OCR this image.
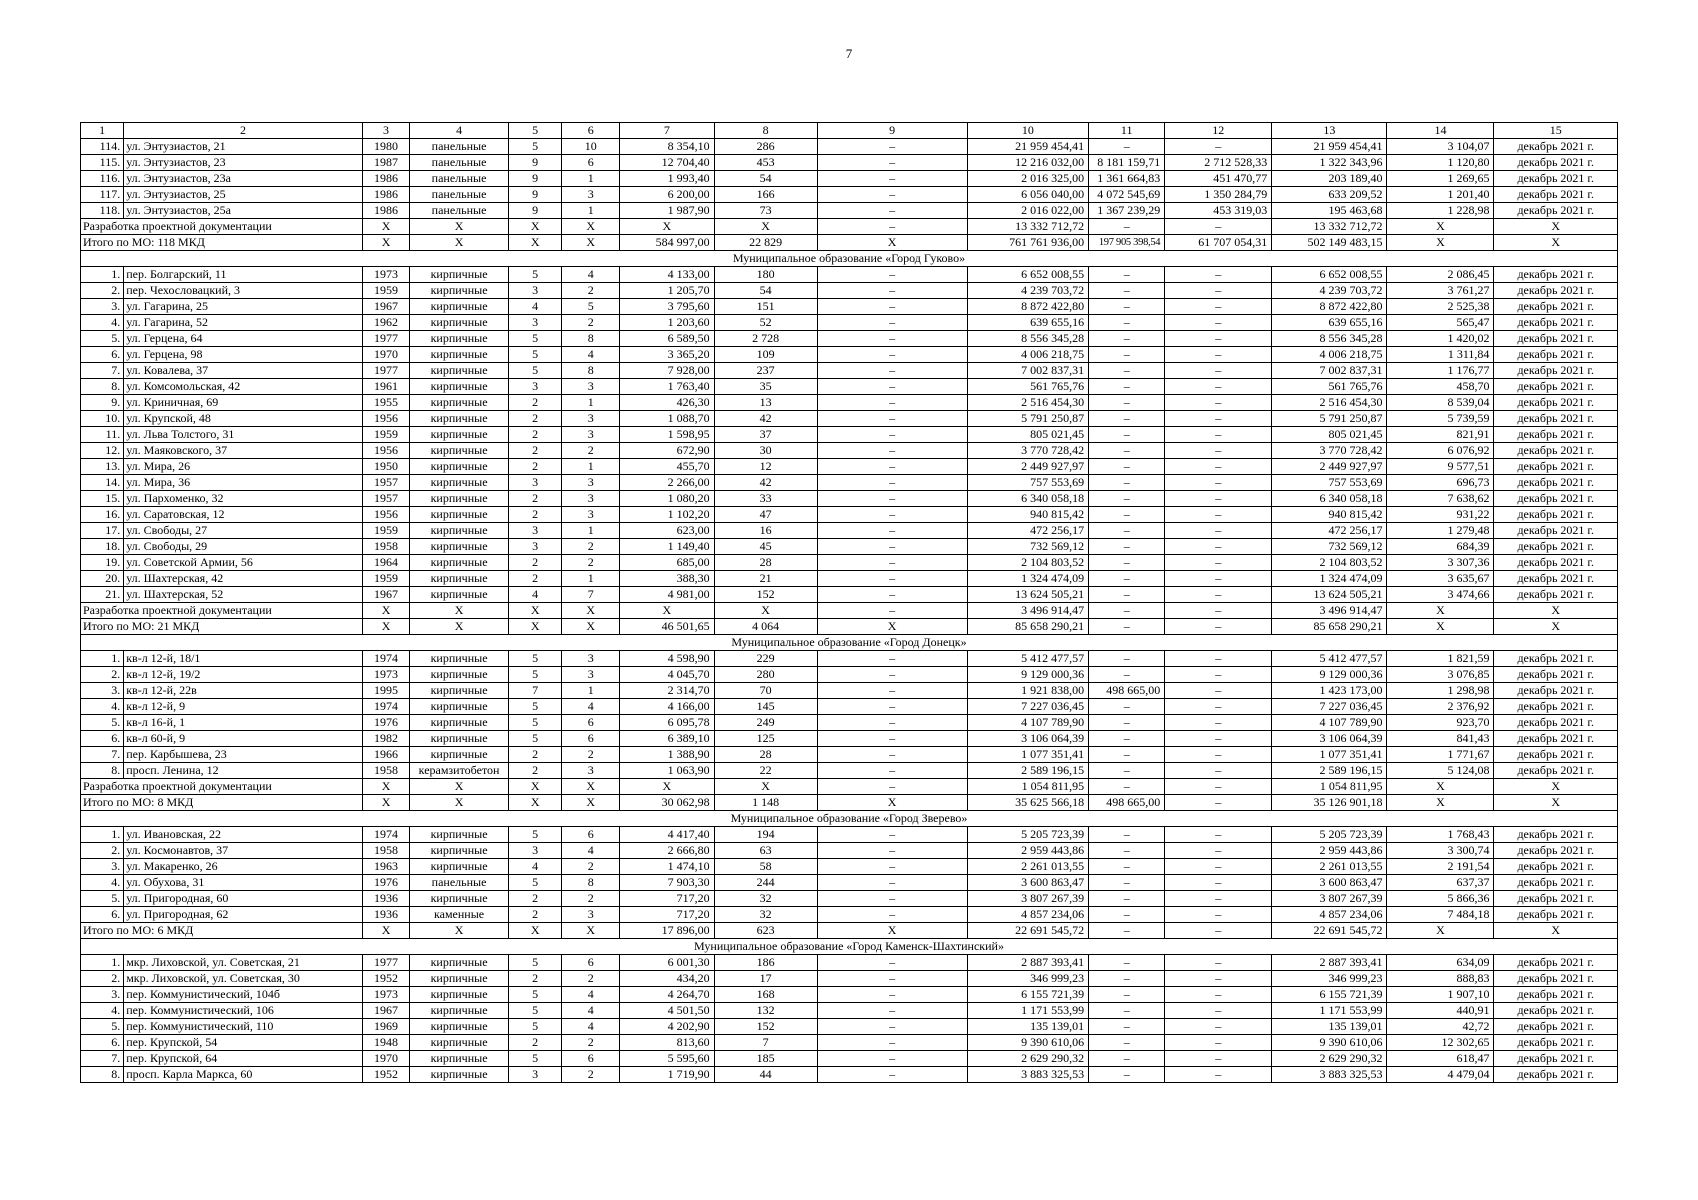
7
1	2	3	4	5	6	7	8	9	10	11	12	13	14	15
114.	ул. Энтузиастов, 21	1980	панельные	5	10	8 354,10	286	–	21 959 454,41	–	–	21 959 454,41	3 104,07	декабрь 2021 г.
115.	ул. Энтузиастов, 23	1987	панельные	9	6	12 704,40	453	–	12 216 032,00	8 181 159,71	2 712 528,33	1 322 343,96	1 120,80	декабрь 2021 г.
116.	ул. Энтузиастов, 23а	1986	панельные	9	1	1 993,40	54	–	2 016 325,00	1 361 664,83	451 470,77	203 189,40	1 269,65	декабрь 2021 г.
117.	ул. Энтузиастов, 25	1986	панельные	9	3	6 200,00	166	–	6 056 040,00	4 072 545,69	1 350 284,79	633 209,52	1 201,40	декабрь 2021 г.
118.	ул. Энтузиастов, 25а	1986	панельные	9	1	1 987,90	73	–	2 016 022,00	1 367 239,29	453 319,03	195 463,68	1 228,98	декабрь 2021 г.
Разработка проектной документации		X	X	X	X	X	X	–	13 332 712,72	–	–	13 332 712,72	X	X
Итого по МО: 118 МКД		X	X	X	X	584 997,00	22 829	X	761 761 936,00	197 905 398,54	61 707 054,31	502 149 483,15	X	X
Муниципальное образование «Город Гуково»														
1.	пер. Болгарский, 11	1973	кирпичные	5	4	4 133,00	180	–	6 652 008,55	–	–	6 652 008,55	2 086,45	декабрь 2021 г.
2.	пер. Чехословацкий, 3	1959	кирпичные	3	2	1 205,70	54	–	4 239 703,72	–	–	4 239 703,72	3 761,27	декабрь 2021 г.
3.	ул. Гагарина, 25	1967	кирпичные	4	5	3 795,60	151	–	8 872 422,80	–	–	8 872 422,80	2 525,38	декабрь 2021 г.
4.	ул. Гагарина, 52	1962	кирпичные	3	2	1 203,60	52	–	639 655,16	–	–	639 655,16	565,47	декабрь 2021 г.
5.	ул. Герцена, 64	1977	кирпичные	5	8	6 589,50	2 728	–	8 556 345,28	–	–	8 556 345,28	1 420,02	декабрь 2021 г.
6.	ул. Герцена, 98	1970	кирпичные	5	4	3 365,20	109	–	4 006 218,75	–	–	4 006 218,75	1 311,84	декабрь 2021 г.
7.	ул. Ковалева, 37	1977	кирпичные	5	8	7 928,00	237	–	7 002 837,31	–	–	7 002 837,31	1 176,77	декабрь 2021 г.
8.	ул. Комсомольская, 42	1961	кирпичные	3	3	1 763,40	35	–	561 765,76	–	–	561 765,76	458,70	декабрь 2021 г.
9.	ул. Криничная, 69	1955	кирпичные	2	1	426,30	13	–	2 516 454,30	–	–	2 516 454,30	8 539,04	декабрь 2021 г.
10.	ул. Крупской, 48	1956	кирпичные	2	3	1 088,70	42	–	5 791 250,87	–	–	5 791 250,87	5 739,59	декабрь 2021 г.
11.	ул. Льва Толстого, 31	1959	кирпичные	2	3	1 598,95	37	–	805 021,45	–	–	805 021,45	821,91	декабрь 2021 г.
12.	ул. Маяковского, 37	1956	кирпичные	2	2	672,90	30	–	3 770 728,42	–	–	3 770 728,42	6 076,92	декабрь 2021 г.
13.	ул. Мира, 26	1950	кирпичные	2	1	455,70	12	–	2 449 927,97	–	–	2 449 927,97	9 577,51	декабрь 2021 г.
14.	ул. Мира, 36	1957	кирпичные	3	3	2 266,00	42	–	757 553,69	–	–	757 553,69	696,73	декабрь 2021 г.
15.	ул. Пархоменко, 32	1957	кирпичные	2	3	1 080,20	33	–	6 340 058,18	–	–	6 340 058,18	7 638,62	декабрь 2021 г.
16.	ул. Саратовская, 12	1956	кирпичные	2	3	1 102,20	47	–	940 815,42	–	–	940 815,42	931,22	декабрь 2021 г.
17.	ул. Свободы, 27	1959	кирпичные	3	1	623,00	16	–	472 256,17	–	–	472 256,17	1 279,48	декабрь 2021 г.
18.	ул. Свободы, 29	1958	кирпичные	3	2	1 149,40	45	–	732 569,12	–	–	732 569,12	684,39	декабрь 2021 г.
19.	ул. Советской Армии, 56	1964	кирпичные	2	2	685,00	28	–	2 104 803,52	–	–	2 104 803,52	3 307,36	декабрь 2021 г.
20.	ул. Шахтерская, 42	1959	кирпичные	2	1	388,30	21	–	1 324 474,09	–	–	1 324 474,09	3 635,67	декабрь 2021 г.
21.	ул. Шахтерская, 52	1967	кирпичные	4	7	4 981,00	152	–	13 624 505,21	–	–	13 624 505,21	3 474,66	декабрь 2021 г.
Разработка проектной документации		X	X	X	X	X	X	–	3 496 914,47	–	–	3 496 914,47	X	X
Итого по МО: 21 МКД		X	X	X	X	46 501,65	4 064	X	85 658 290,21	–	–	85 658 290,21	X	X
Муниципальное образование «Город Донецк»														
1.	кв-л 12-й, 18/1	1974	кирпичные	5	3	4 598,90	229	–	5 412 477,57	–	–	5 412 477,57	1 821,59	декабрь 2021 г.
2.	кв-л 12-й, 19/2	1973	кирпичные	5	3	4 045,70	280	–	9 129 000,36	–	–	9 129 000,36	3 076,85	декабрь 2021 г.
3.	кв-л 12-й, 22в	1995	кирпичные	7	1	2 314,70	70	–	1 921 838,00	498 665,00	–	1 423 173,00	1 298,98	декабрь 2021 г.
4.	кв-л 12-й, 9	1974	кирпичные	5	4	4 166,00	145	–	7 227 036,45	–	–	7 227 036,45	2 376,92	декабрь 2021 г.
5.	кв-л 16-й, 1	1976	кирпичные	5	6	6 095,78	249	–	4 107 789,90	–	–	4 107 789,90	923,70	декабрь 2021 г.
6.	кв-л 60-й, 9	1982	кирпичные	5	6	6 389,10	125	–	3 106 064,39	–	–	3 106 064,39	841,43	декабрь 2021 г.
7.	пер. Карбышева, 23	1966	кирпичные	2	2	1 388,90	28	–	1 077 351,41	–	–	1 077 351,41	1 771,67	декабрь 2021 г.
8.	просп. Ленина, 12	1958	керамзитобетон	2	3	1 063,90	22	–	2 589 196,15	–	–	2 589 196,15	5 124,08	декабрь 2021 г.
Разработка проектной документации		X	X	X	X	X	X	–	1 054 811,95	–	–	1 054 811,95	X	X
Итого по МО: 8 МКД		X	X	X	X	30 062,98	1 148	X	35 625 566,18	498 665,00	–	35 126 901,18	X	X
Муниципальное образование «Город Зверево»														
1.	ул. Ивановская, 22	1974	кирпичные	5	6	4 417,40	194	–	5 205 723,39	–	–	5 205 723,39	1 768,43	декабрь 2021 г.
2.	ул. Космонавтов, 37	1958	кирпичные	3	4	2 666,80	63	–	2 959 443,86	–	–	2 959 443,86	3 300,74	декабрь 2021 г.
3.	ул. Макаренко, 26	1963	кирпичные	4	2	1 474,10	58	–	2 261 013,55	–	–	2 261 013,55	2 191,54	декабрь 2021 г.
4.	ул. Обухова, 31	1976	панельные	5	8	7 903,30	244	–	3 600 863,47	–	–	3 600 863,47	637,37	декабрь 2021 г.
5.	ул. Пригородная, 60	1936	кирпичные	2	2	717,20	32	–	3 807 267,39	–	–	3 807 267,39	5 866,36	декабрь 2021 г.
6.	ул. Пригородная, 62	1936	каменные	2	3	717,20	32	–	4 857 234,06	–	–	4 857 234,06	7 484,18	декабрь 2021 г.
Итого по МО: 6 МКД		X	X	X	X	17 896,00	623	X	22 691 545,72	–	–	22 691 545,72	X	X
Муниципальное образование «Город Каменск-Шахтинский»														
1.	мкр. Лиховской, ул. Советская, 21	1977	кирпичные	5	6	6 001,30	186	–	2 887 393,41	–	–	2 887 393,41	634,09	декабрь 2021 г.
2.	мкр. Лиховской, ул. Советская, 30	1952	кирпичные	2	2	434,20	17	–	346 999,23	–	–	346 999,23	888,83	декабрь 2021 г.
3.	пер. Коммунистический, 104б	1973	кирпичные	5	4	4 264,70	168	–	6 155 721,39	–	–	6 155 721,39	1 907,10	декабрь 2021 г.
4.	пер. Коммунистический, 106	1967	кирпичные	5	4	4 501,50	132	–	1 171 553,99	–	–	1 171 553,99	440,91	декабрь 2021 г.
5.	пер. Коммунистический, 110	1969	кирпичные	5	4	4 202,90	152	–	135 139,01	–	–	135 139,01	42,72	декабрь 2021 г.
6.	пер. Крупской, 54	1948	кирпичные	2	2	813,60	7	–	9 390 610,06	–	–	9 390 610,06	12 302,65	декабрь 2021 г.
7.	пер. Крупской, 64	1970	кирпичные	5	6	5 595,60	185	–	2 629 290,32	–	–	2 629 290,32	618,47	декабрь 2021 г.
8.	просп. Карла Маркса, 60	1952	кирпичные	3	2	1 719,90	44	–	3 883 325,53	–	–	3 883 325,53	4 479,04	декабрь 2021 г.
